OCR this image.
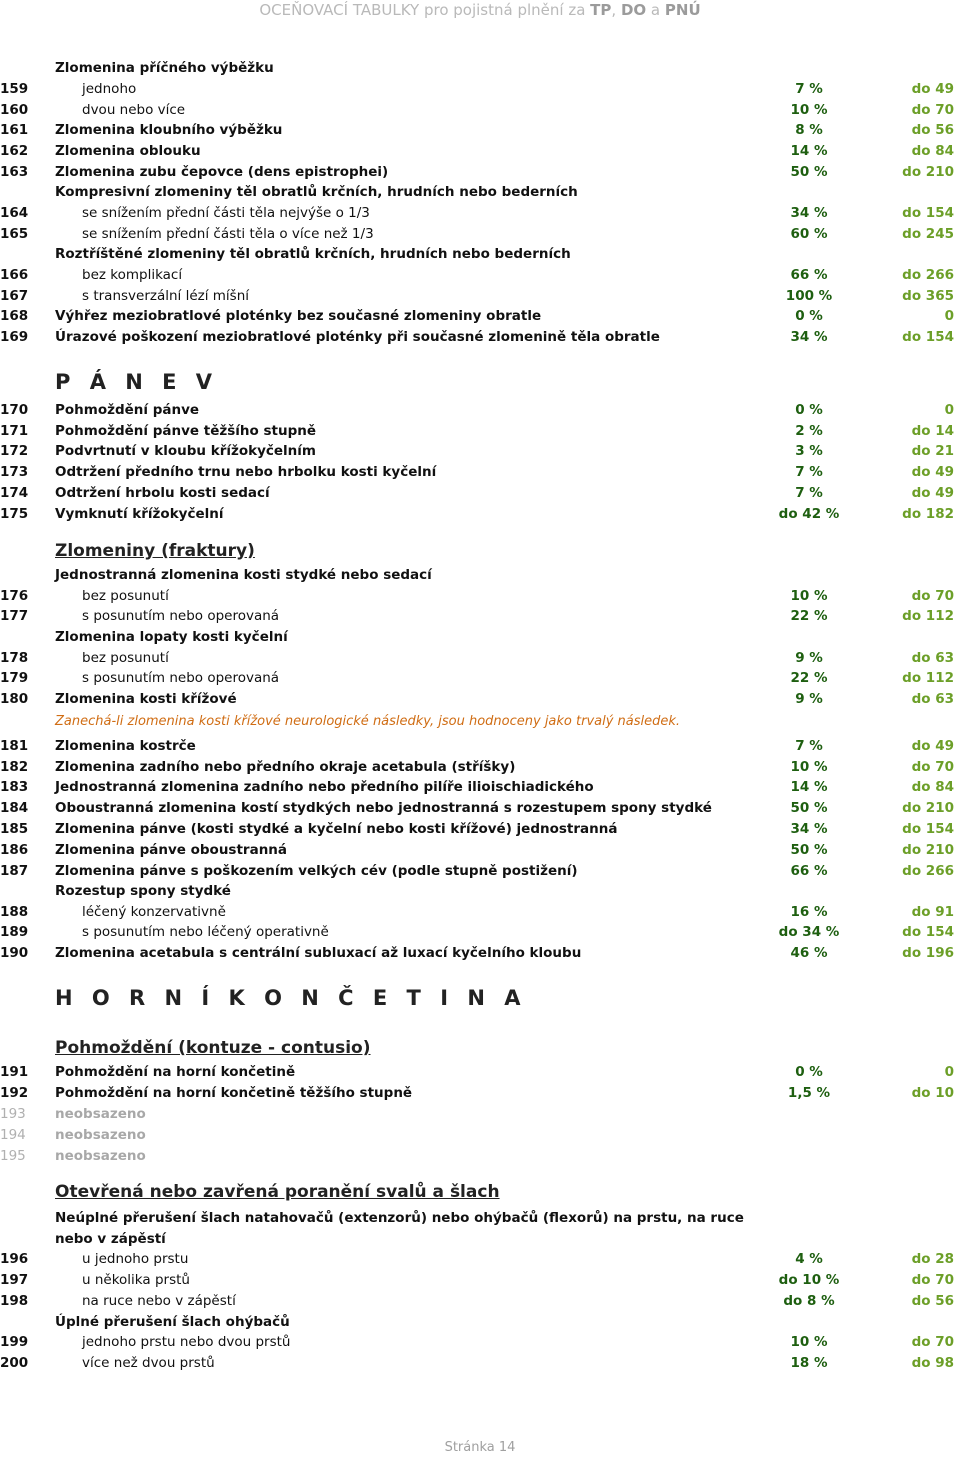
OCEŇOVACÍ TABULKY pro pojistná plnění za TP, DO a PNÚ
Zlomenina příčného výběžku
159	jednoho	7 %	do 49
160	dvou nebo více	10 %	do 70
161	Zlomenina kloubního výběžku	8 %	do 56
162	Zlomenina oblouku	14 %	do 84
163	Zlomenina zubu čepovce (dens epistrophei)	50 %	do 210
Kompresivní zlomeniny těl obratlů krčních, hrudních nebo bederních
164	se snížením přední části těla nejvýše o 1/3	34 %	do 154
165	se snížením přední části těla o více než 1/3	60 %	do 245
Roztříštěné zlomeniny těl obratlů krčních, hrudních nebo bederních
166	bez komplikací	66 %	do 266
167	s transverzální lézí míšní	100 %	do 365
168	Výhřez meziobratlové ploténky bez současné zlomeniny obratle	0 %	0
169	Úrazové poškození meziobratlové ploténky při současné zlomenině těla obratle	34 %	do 154
170	Pohmoždění pánve	0 %	0
171	Pohmoždění pánve těžšího stupně	2 %	do 14
172	Podvrtnutí v kloubu křížokyčelním	3 %	do 21
173	Odtržení předního trnu nebo hrbolku kosti kyčelní	7 %	do 49
174	Odtržení hrbolu kosti sedací	7 %	do 49
175	Vymknutí křížokyčelní	do 42 %	do 182
Jednostranná zlomenina kosti stydké nebo sedací
176	bez posunutí	10 %	do 70
177	s posunutím nebo operovaná	22 %	do 112
Zlomenina lopaty kosti kyčelní
178	bez posunutí	9 %	do 63
179	s posunutím nebo operovaná	22 %	do 112
180	Zlomenina kosti křížové	9 %	do 63
181	Zlomenina kostrče	7 %	do 49
182	Zlomenina zadního nebo předního okraje acetabula (stříšky)	10 %	do 70
183	Jednostranná zlomenina zadního nebo předního pilíře ilioischiadického	14 %	do 84
184	Oboustranná zlomenina kostí stydkých nebo jednostranná s rozestupem spony stydké	50 %	do 210
185	Zlomenina pánve (kosti stydké a kyčelní nebo kosti křížové) jednostranná	34 %	do 154
186	Zlomenina pánve oboustranná	50 %	do 210
187	Zlomenina pánve s poškozením velkých cév (podle stupně postižení)	66 %	do 266
Rozestup spony stydké
188	léčený konzervativně	16 %	do 91
189	s posunutím nebo léčený operativně	do 34 %	do 154
190	Zlomenina acetabula s centrální subluxací až luxací kyčelního kloubu	46 %	do 196
191	Pohmoždění na horní končetině	0 %	0
192	Pohmoždění na horní končetině těžšího stupně	1,5 %	do 10
193	neobsazeno
194	neobsazeno
195	neobsazeno
196	u jednoho prstu	4 %	do 28
197	u několika prstů	do 10 %	do 70
198	na ruce nebo v zápěstí	do 8 %	do 56
Úplné přerušení šlach ohýbačů
199	jednoho prstu nebo dvou prstů	10 %	do 70
200	více než dvou prstů	18 %	do 98
P Á N E V
Zlomeniny (fraktury)
Zanechá-li zlomenina kosti křížové neurologické následky, jsou hodnoceny jako trvalý následek.
H O R N Í K O N Č E T I N A
Pohmoždění (kontuze - contusio)
Otevřená nebo zavřená poranění svalů a šlach
Neúplné přerušení šlach natahovačů (extenzorů) nebo ohýbačů (flexorů) na prstu, na ruce nebo v zápěstí
Stránka 14
